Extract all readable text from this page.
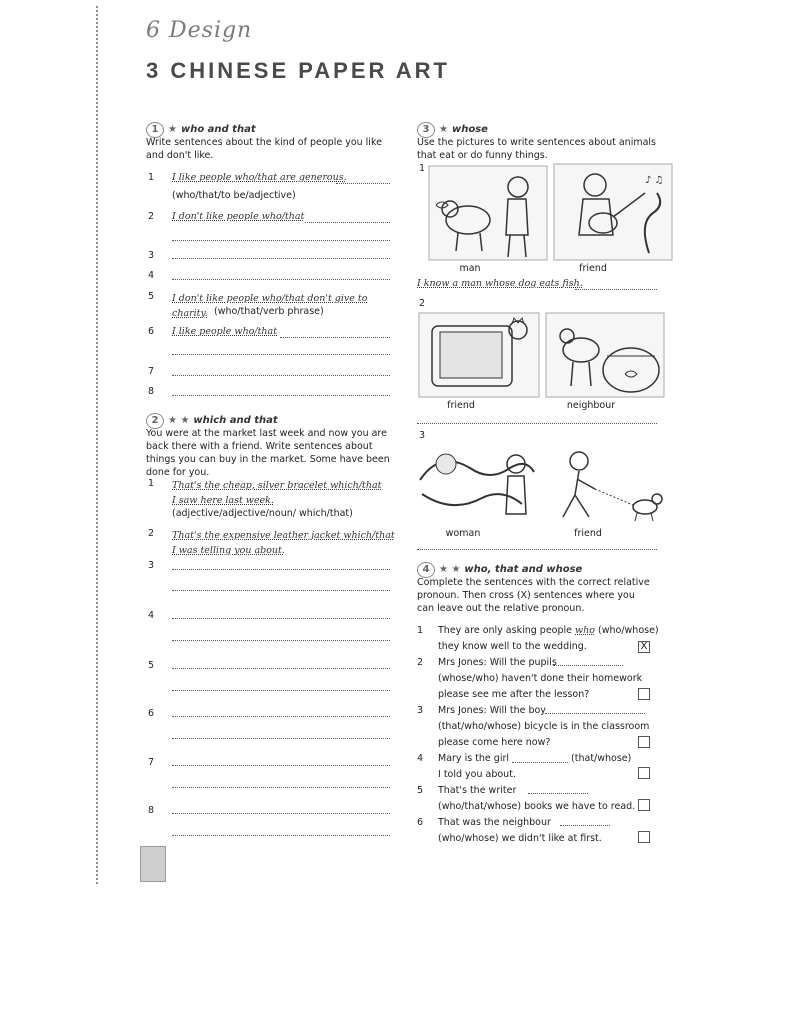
6 Design
3 CHINESE PAPER ART
1 ★ who and that
Write sentences about the kind of people you like and don't like.
1 I like people who/that are generous.
(who/that/to be/adjective)
2 I don't like people who/that
3
4
5 I don't like people who/that don't give to charity. (who/that/verb phrase)
6 I like people who/that
7
8
2 ★ ★ which and that
You were at the market last week and now you are back there with a friend. Write sentences about things you can buy in the market. Some have been done for you.
1 That's the cheap, silver bracelet which/that I saw here last week.
(adjective/adjective/noun/ which/that)
2 That's the expensive leather jacket which/that I was telling you about.
3
4
5
6
7
8
3 ★ whose
Use the pictures to write sentences about animals that eat or do funny things.
1
♪ ♫
man	friend
I know a man whose dog eats fish.
2
friend	neighbour
3
woman	friend
4 ★ ★ who, that and whose
Complete the sentences with the correct relative pronoun. Then cross (X) sentences where you can leave out the relative pronoun.
1 They are only asking people who (who/whose)
they know well to the wedding.	X
2 Mrs Jones: Will the pupils
(whose/who) haven't done their homework
please see me after the lesson?
3 Mrs Jones: Will the boy
(that/who/whose) bicycle is in the classroom
please come here now?
4 Mary is the girl	(that/whose)
I told you about.
5 That's the writer
(who/that/whose) books we have to read.
6 That was the neighbour
(who/whose) we didn't like at first.
